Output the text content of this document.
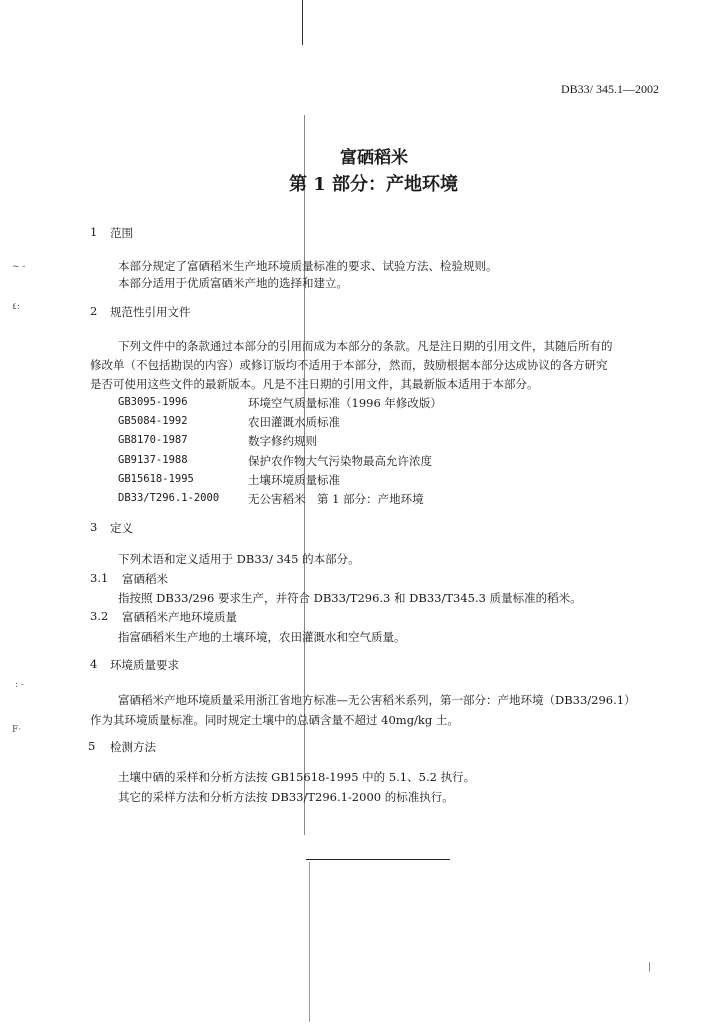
~ -
٤:
: -
F·
|
DB33/ 345.1—2002
富硒稻米
第 1 部分：产地环境
1 范围
本部分规定了富硒稻米生产地环境质量标准的要求、试验方法、检验规则。
本部分适用于优质富硒米产地的选择和建立。
2 规范性引用文件
下列文件中的条款通过本部分的引用而成为本部分的条款。凡是注日期的引用文件，其随后所有的
修改单（不包括勘误的内容）或修订版均不适用于本部分，然而，鼓励根据本部分达成协议的各方研究
是否可使用这些文件的最新版本。凡是不注日期的引用文件，其最新版本适用于本部分。
GB3095-1996	环境空气质量标准（1996 年修改版）
GB5084-1992	农田灌溉水质标准
GB8170-1987	数字修约规则
GB9137-1988	保护农作物大气污染物最高允许浓度
GB15618-1995	土壤环境质量标准
DB33/T296.1-2000	无公害稻米　第 1 部分：产地环境
3 定义
下列术语和定义适用于 DB33/ 345 的本部分。
3.1 富硒稻米
指按照 DB33/296 要求生产，并符合 DB33/T296.3 和 DB33/T345.3 质量标准的稻米。
3.2 富硒稻米产地环境质量
指富硒稻米生产地的土壤环境，农田灌溉水和空气质量。
4 环境质量要求
富硒稻米产地环境质量采用浙江省地方标准—无公害稻米系列，第一部分：产地环境（DB33/296.1）
作为其环境质量标准。同时规定土壤中的总硒含量不超过 40mg/kg 土。
5 检测方法
土壤中硒的采样和分析方法按 GB15618-1995 中的 5.1、5.2 执行。
其它的采样方法和分析方法按 DB33/T296.1-2000 的标准执行。
